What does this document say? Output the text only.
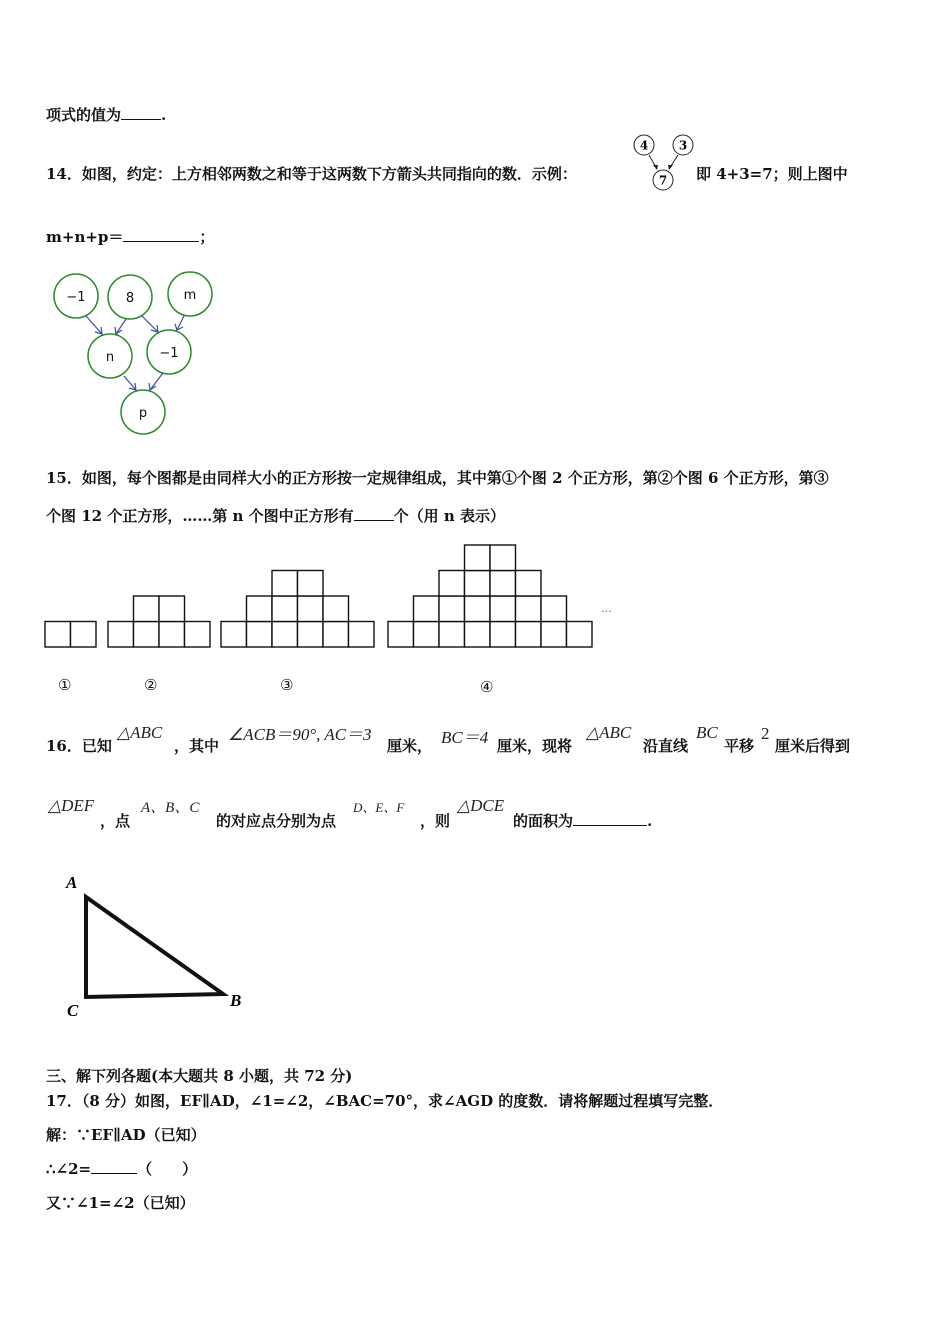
项式的值为	.
14．如图，约定：上方相邻两数之和等于这两数下方箭头共同指向的数．示例：
4	3
7 即 4+3=7；则上图中
m+n+p＝	；
−1	8	m
n	−1
p
15．如图，每个图都是由同样大小的正方形按一定规律组成，其中第①个图 2 个正方形，第②个图 6 个正方形，第③
个图 12 个正方形，……第 n 个图中正方形有	个（用 n 表示）
①	②	③	④
…
16．已知
△ABC
，其中
∠ACB＝90°, AC＝3
厘米， BC＝4 厘米，现将
△ABC
沿直线
BC
平移
2
厘米后得到
△DEF
，点
A、B、C
的对应点分别为点
D、E、F
，则
△DCE
的面积为	.
A
C
B
三、解下列各题(本大题共 8 小题，共 72 分)
17．（8 分）如图，EF∥AD，∠1=∠2，∠BAC=70°，求∠AGD 的度数．请将解题过程填写完整．
解：∵EF∥AD（已知）
∴∠2=	（　　）
又∵∠1=∠2（已知）
